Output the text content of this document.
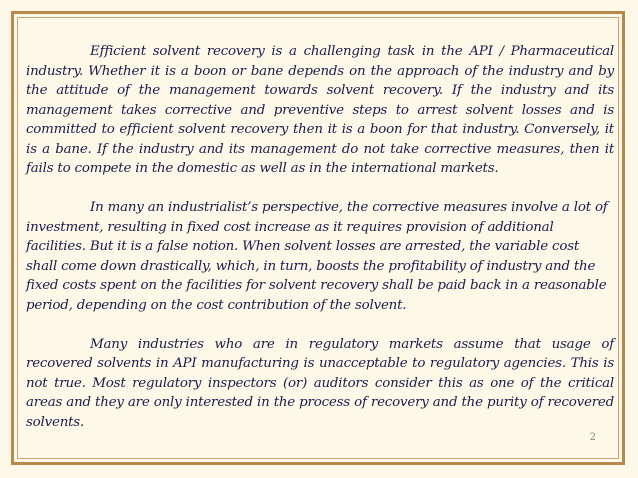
Efficient solvent recovery is a challenging task in the API / Pharmaceutical industry. Whether it is a boon or bane depends on the approach of the industry and by the attitude of the management towards solvent recovery. If the industry and its management takes corrective and preventive steps to arrest solvent losses and is committed to efficient solvent recovery then it is a boon for that industry. Conversely, it is a bane. If the industry and its management do not take corrective measures, then it fails to compete in the domestic as well as in the international markets.

In many an industrialist’s perspective, the corrective measures involve a lot of investment, resulting in fixed cost increase as it requires provision of additional facilities. But it is a false notion. When solvent losses are arrested, the variable cost shall come down drastically, which, in turn, boosts the profitability of industry and the fixed costs spent on the facilities for solvent recovery shall be paid back in a reasonable period, depending on the cost contribution of the solvent.

Many industries who are in regulatory markets assume that usage of recovered solvents in API manufacturing is unacceptable to regulatory agencies. This is not true. Most regulatory inspectors (or) auditors consider this as one of the critical areas and they are only interested in the process of recovery and the purity of recovered solvents.

2
